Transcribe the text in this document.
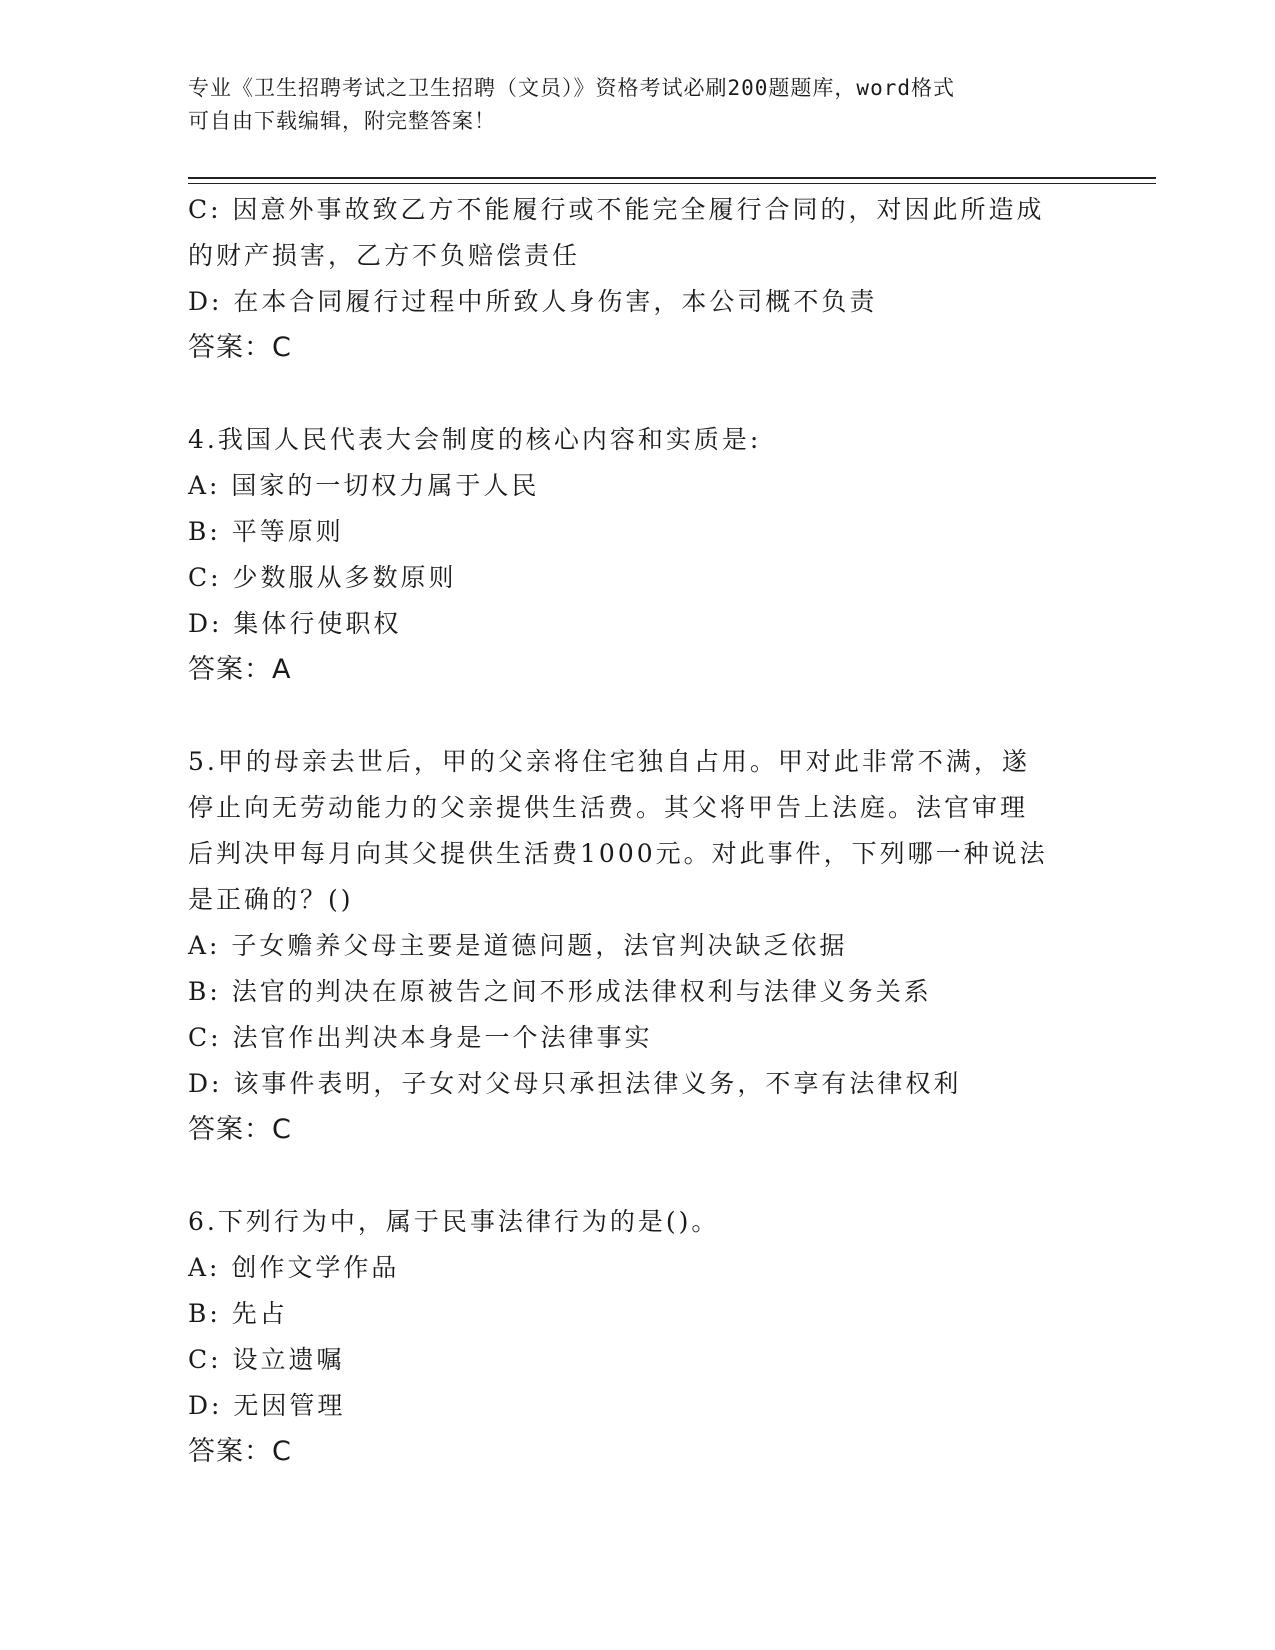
专业《卫生招聘考试之卫生招聘（文员）》资格考试必刷200题题库，word格式
可自由下载编辑，附完整答案！
C: 因意外事故致乙方不能履行或不能完全履行合同的，对因此所造成
的财产损害，乙方不负赔偿责任
D: 在本合同履行过程中所致人身伤害，本公司概不负责
答案：C
4.我国人民代表大会制度的核心内容和实质是:
A: 国家的一切权力属于人民
B: 平等原则
C: 少数服从多数原则
D: 集体行使职权
答案：A
5.甲的母亲去世后，甲的父亲将住宅独自占用。甲对此非常不满，遂
停止向无劳动能力的父亲提供生活费。其父将甲告上法庭。法官审理
后判决甲每月向其父提供生活费1000元。对此事件，下列哪一种说法
是正确的？()
A: 子女赡养父母主要是道德问题，法官判决缺乏依据
B: 法官的判决在原被告之间不形成法律权利与法律义务关系
C: 法官作出判决本身是一个法律事实
D: 该事件表明，子女对父母只承担法律义务，不享有法律权利
答案：C
6.下列行为中，属于民事法律行为的是()。
A: 创作文学作品
B: 先占
C: 设立遗嘱
D: 无因管理
答案：C
